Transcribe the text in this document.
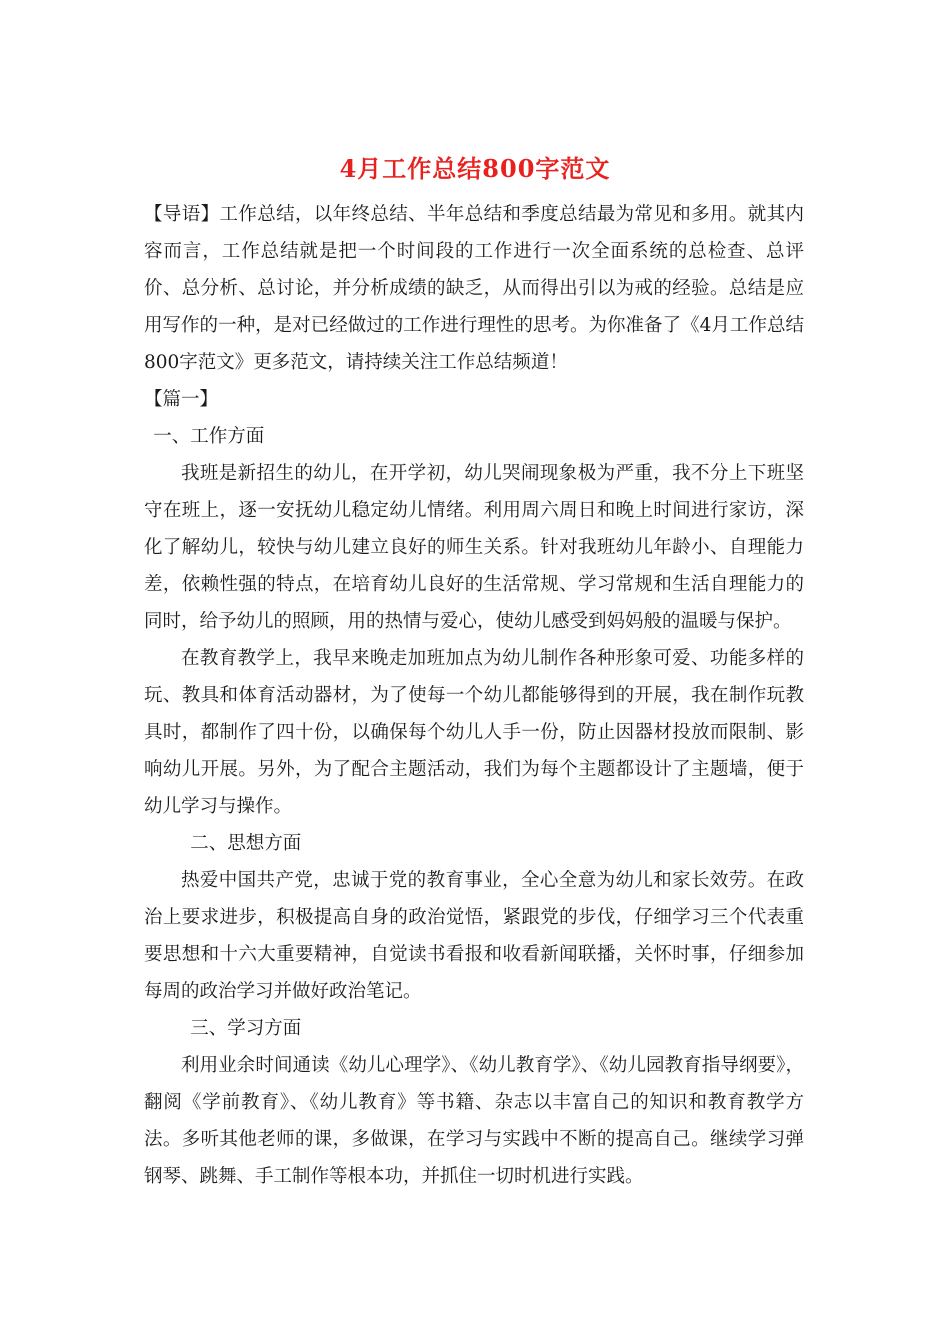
4月工作总结800字范文

【导语】工作总结，以年终总结、半年总结和季度总结最为常见和多用。就其内容而言，工作总结就是把一个时间段的工作进行一次全面系统的总检查、总评价、总分析、总讨论，并分析成绩的缺乏，从而得出引以为戒的经验。总结是应用写作的一种，是对已经做过的工作进行理性的思考。为你准备了《4月工作总结800字范文》更多范文，请持续关注工作总结频道！

【篇一】

一、工作方面

我班是新招生的幼儿，在开学初，幼儿哭闹现象极为严重，我不分上下班坚守在班上，逐一安抚幼儿稳定幼儿情绪。利用周六周日和晚上时间进行家访，深化了解幼儿，较快与幼儿建立良好的师生关系。针对我班幼儿年龄小、自理能力差，依赖性强的特点，在培育幼儿良好的生活常规、学习常规和生活自理能力的同时，给予幼儿的照顾，用的热情与爱心，使幼儿感受到妈妈般的温暖与保护。

在教育教学上，我早来晚走加班加点为幼儿制作各种形象可爱、功能多样的玩、教具和体育活动器材，为了使每一个幼儿都能够得到的开展，我在制作玩教具时，都制作了四十份，以确保每个幼儿人手一份，防止因器材投放而限制、影响幼儿开展。另外，为了配合主题活动，我们为每个主题都设计了主题墙，便于幼儿学习与操作。

二、思想方面

热爱中国共产党，忠诚于党的教育事业，全心全意为幼儿和家长效劳。在政治上要求进步，积极提高自身的政治觉悟，紧跟党的步伐，仔细学习三个代表重要思想和十六大重要精神，自觉读书看报和收看新闻联播，关怀时事，仔细参加每周的政治学习并做好政治笔记。

三、学习方面

利用业余时间通读《幼儿心理学》、《幼儿教育学》、《幼儿园教育指导纲要》，翻阅《学前教育》、《幼儿教育》等书籍、杂志以丰富自己的知识和教育教学方法。多听其他老师的课，多做课，在学习与实践中不断的提高自己。继续学习弹钢琴、跳舞、手工制作等根本功，并抓住一切时机进行实践。
